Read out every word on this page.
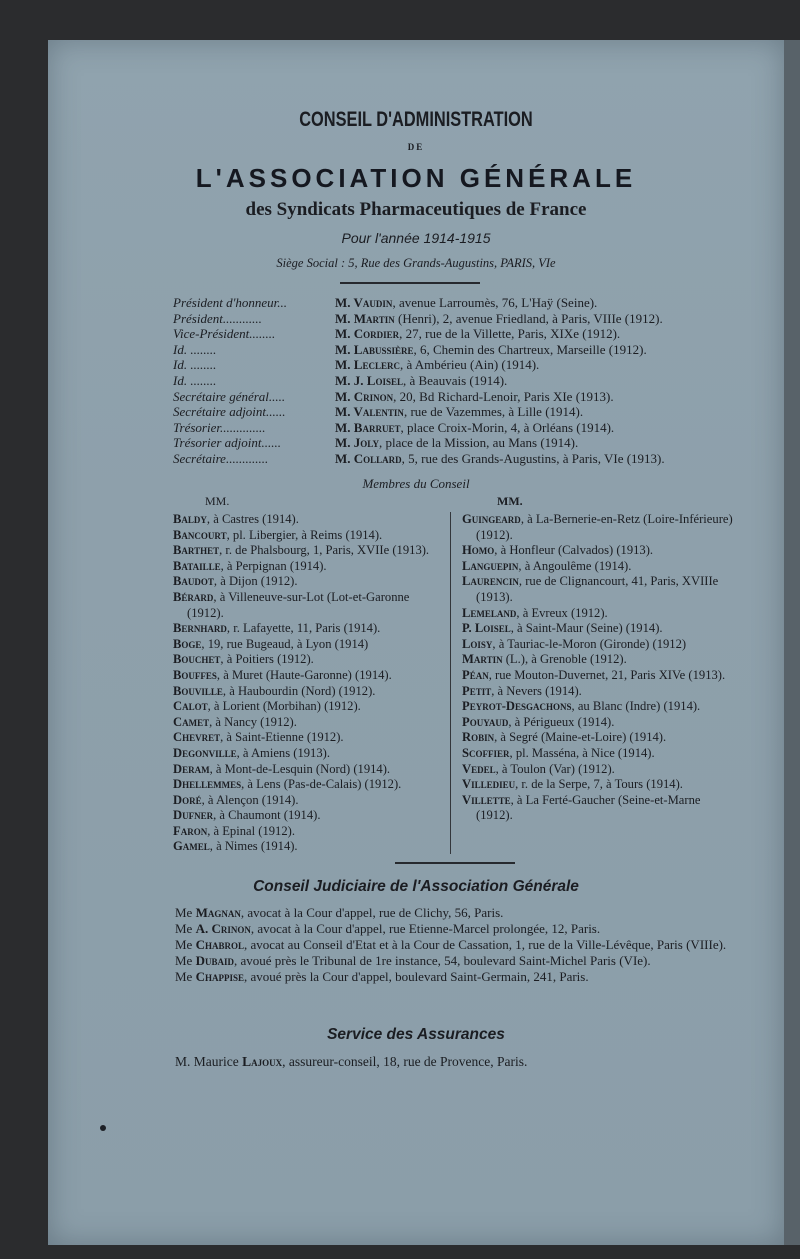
CONSEIL D'ADMINISTRATION
DE
L'ASSOCIATION GÉNÉRALE
des Syndicats Pharmaceutiques de France
Pour l'année 1914-1915
Siège Social : 5, Rue des Grands-Augustins, PARIS, VIe
Président d'honneur...	M. Vaudin, avenue Larroumès, 76, L'Haÿ (Seine).
Président............	M. Martin (Henri), 2, avenue Friedland, à Paris, VIIIe (1912).
Vice-Président........	M. Cordier, 27, rue de la Villette, Paris, XIXe (1912).
Id. ........	M. Labussière, 6, Chemin des Chartreux, Marseille (1912).
Id. ........	M. Leclerc, à Ambérieu (Ain) (1914).
Id. ........	M. J. Loisel, à Beauvais (1914).
Secrétaire général.....	M. Crinon, 20, Bd Richard-Lenoir, Paris XIe (1913).
Secrétaire adjoint......	M. Valentin, rue de Vazemmes, à Lille (1914).
Trésorier..............	M. Barruet, place Croix-Morin, 4, à Orléans (1914).
Trésorier adjoint......	M. Joly, place de la Mission, au Mans (1914).
Secrétaire.............	M. Collard, 5, rue des Grands-Augustins, à Paris, VIe (1913).
Membres du Conseil
MM.	MM.
Baldy, à Castres (1914).
Bancourt, pl. Libergier, à Reims (1914).
Barthet, r. de Phalsbourg, 1, Paris, XVIIe (1913).
Bataille, à Perpignan (1914).
Baudot, à Dijon (1912).
Bérard, à Villeneuve-sur-Lot (Lot-et-Garonne (1912).
Bernhard, r. Lafayette, 11, Paris (1914).
Boge, 19, rue Bugeaud, à Lyon (1914)
Bouchet, à Poitiers (1912).
Bouffes, à Muret (Haute-Garonne) (1914).
Bouville, à Haubourdin (Nord) (1912).
Calot, à Lorient (Morbihan) (1912).
Camet, à Nancy (1912).
Chevret, à Saint-Etienne (1912).
Degonville, à Amiens (1913).
Deram, à Mont-de-Lesquin (Nord) (1914).
Dhellemmes, à Lens (Pas-de-Calais) (1912).
Doré, à Alençon (1914).
Dufner, à Chaumont (1914).
Faron, à Epinal (1912).
Gamel, à Nimes (1914).
Guingeard, à La-Bernerie-en-Retz (Loire-Inférieure) (1912).
Homo, à Honfleur (Calvados) (1913).
Languepin, à Angoulême (1914).
Laurencin, rue de Clignancourt, 41, Paris, XVIIIe (1913).
Lemeland, à Evreux (1912).
P. Loisel, à Saint-Maur (Seine) (1914).
Loisy, à Tauriac-le-Moron (Gironde) (1912)
Martin (L.), à Grenoble (1912).
Péan, rue Mouton-Duvernet, 21, Paris XIVe (1913).
Petit, à Nevers (1914).
Peyrot-Desgachons, au Blanc (Indre) (1914).
Pouyaud, à Périgueux (1914).
Robin, à Segré (Maine-et-Loire) (1914).
Scoffier, pl. Masséna, à Nice (1914).
Vedel, à Toulon (Var) (1912).
Villedieu, r. de la Serpe, 7, à Tours (1914).
Villette, à La Ferté-Gaucher (Seine-et-Marne (1912).
Conseil Judiciaire de l'Association Générale
Me Magnan, avocat à la Cour d'appel, rue de Clichy, 56, Paris.
Me A. Crinon, avocat à la Cour d'appel, rue Etienne-Marcel prolongée, 12, Paris.
Me Chabrol, avocat au Conseil d'Etat et à la Cour de Cassation, 1, rue de la Ville-Lévêque, Paris (VIIIe).
Me Dubaid, avoué près le Tribunal de 1re instance, 54, boulevard Saint-Michel Paris (VIe).
Me Chappise, avoué près la Cour d'appel, boulevard Saint-Germain, 241, Paris.
Service des Assurances
M. Maurice Lajoux, assureur-conseil, 18, rue de Provence, Paris.
